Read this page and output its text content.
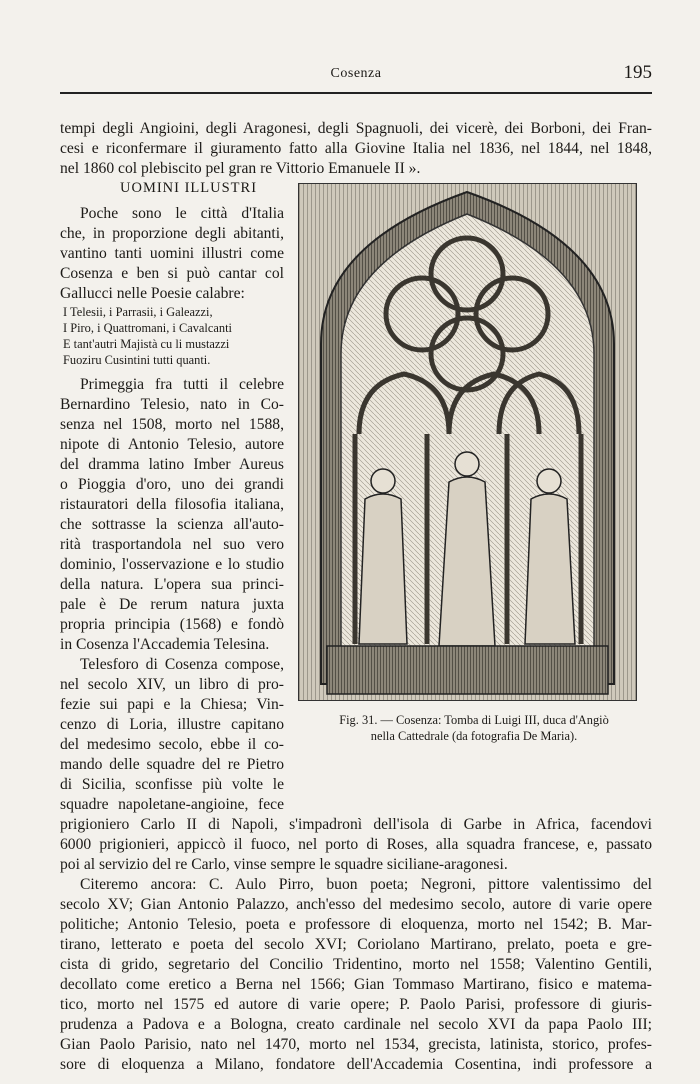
Cosenza	195
tempi degli Angioini, degli Aragonesi, degli Spagnuoli, dei vicerè, dei Borboni, dei Fran-
cesi e riconfermare il giuramento fatto alla Giovine Italia nel 1836, nel 1844, nel 1848,
nel 1860 col plebiscito pel gran re Vittorio Emanuele II ».
UOMINI ILLUSTRI
Poche sono le città d'Italia
che, in proporzione degli abitanti,
vantino tanti uomini illustri come
Cosenza e ben si può cantar col
Gallucci nelle Poesie calabre:
I Telesii, i Parrasii, i Galeazzi,
I Piro, i Quattromani, i Cavalcanti
E tant'autri Majistà cu li mustazzi
Fuoziru Cusintini tutti quanti.
Primeggia fra tutti il celebre
Bernardino Telesio, nato in Co-
senza nel 1508, morto nel 1588,
nipote di Antonio Telesio, autore
del dramma latino Imber Aureus
o Pioggia d'oro, uno dei grandi
ristauratori della filosofia italiana,
che sottrasse la scienza all'auto-
rità trasportandola nel suo vero
dominio, l'osservazione e lo studio
della natura. L'opera sua princi-
pale è De rerum natura juxta
propria principia (1568) e fondò
in Cosenza l'Accademia Telesina.
Telesforo di Cosenza compose,
nel secolo XIV, un libro di pro-
fezie sui papi e la Chiesa; Vin-
cenzo di Loria, illustre capitano
del medesimo secolo, ebbe il co-
mando delle squadre del re Pietro
di Sicilia, sconfisse più volte le
squadre napoletane-angioine, fece
Fig. 31. — Cosenza: Tomba di Luigi III, duca d'Angiò
nella Cattedrale (da fotografia De Maria).
prigioniero Carlo II di Napoli, s'impadronì dell'isola di Garbe in Africa, facendovi
6000 prigionieri, appiccò il fuoco, nel porto di Roses, alla squadra francese, e, passato
poi al servizio del re Carlo, vinse sempre le squadre siciliane-aragonesi.
Citeremo ancora: C. Aulo Pirro, buon poeta; Negroni, pittore valentissimo del
secolo XV; Gian Antonio Palazzo, anch'esso del medesimo secolo, autore di varie opere
politiche; Antonio Telesio, poeta e professore di eloquenza, morto nel 1542; B. Mar-
tirano, letterato e poeta del secolo XVI; Coriolano Martirano, prelato, poeta e gre-
cista di grido, segretario del Concilio Tridentino, morto nel 1558; Valentino Gentili,
decollato come eretico a Berna nel 1566; Gian Tommaso Martirano, fisico e matema-
tico, morto nel 1575 ed autore di varie opere; P. Paolo Parisi, professore di giuris-
prudenza a Padova e a Bologna, creato cardinale nel secolo XVI da papa Paolo III;
Gian Paolo Parisio, nato nel 1470, morto nel 1534, grecista, latinista, storico, profes-
sore di eloquenza a Milano, fondatore dell'Accademia Cosentina, indi professore a
